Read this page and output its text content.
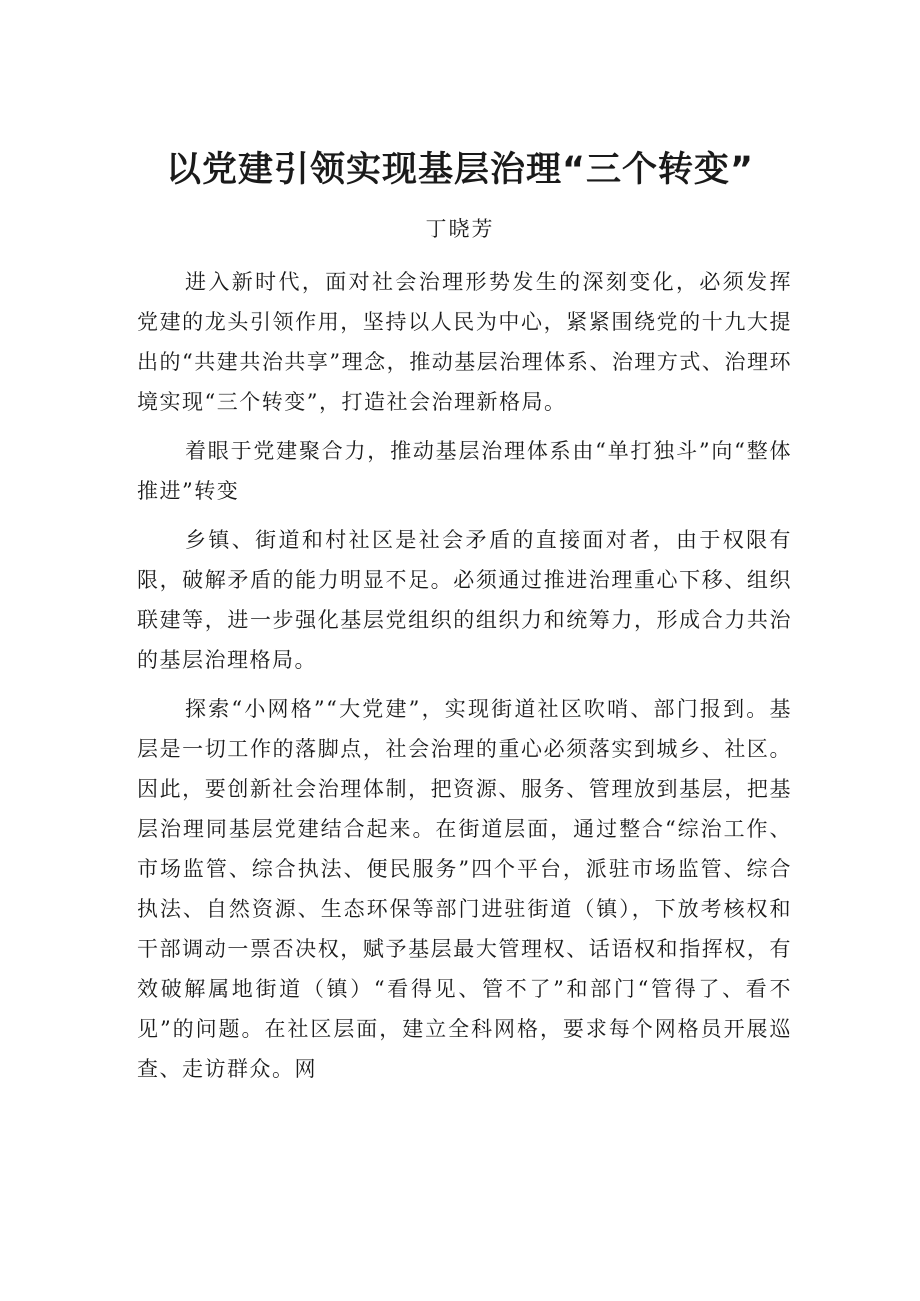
以党建引领实现基层治理“三个转变”
丁晓芳

进入新时代，面对社会治理形势发生的深刻变化，必须发挥党建的龙头引领作用，坚持以人民为中心，紧紧围绕党的十九大提出的“共建共治共享”理念，推动基层治理体系、治理方式、治理环境实现“三个转变”，打造社会治理新格局。

着眼于党建聚合力，推动基层治理体系由“单打独斗”向“整体推进”转变

乡镇、街道和村社区是社会矛盾的直接面对者，由于权限有限，破解矛盾的能力明显不足。必须通过推进治理重心下移、组织联建等，进一步强化基层党组织的组织力和统筹力，形成合力共治的基层治理格局。

探索“小网格”“大党建”，实现街道社区吹哨、部门报到。基层是一切工作的落脚点，社会治理的重心必须落实到城乡、社区。因此，要创新社会治理体制，把资源、服务、管理放到基层，把基层治理同基层党建结合起来。在街道层面，通过整合“综治工作、市场监管、综合执法、便民服务”四个平台，派驻市场监管、综合执法、自然资源、生态环保等部门进驻街道（镇），下放考核权和干部调动一票否决权，赋予基层最大管理权、话语权和指挥权，有效破解属地街道（镇）“看得见、管不了”和部门“管得了、看不见”的问题。在社区层面，建立全科网格，要求每个网格员开展巡查、走访群众。网
